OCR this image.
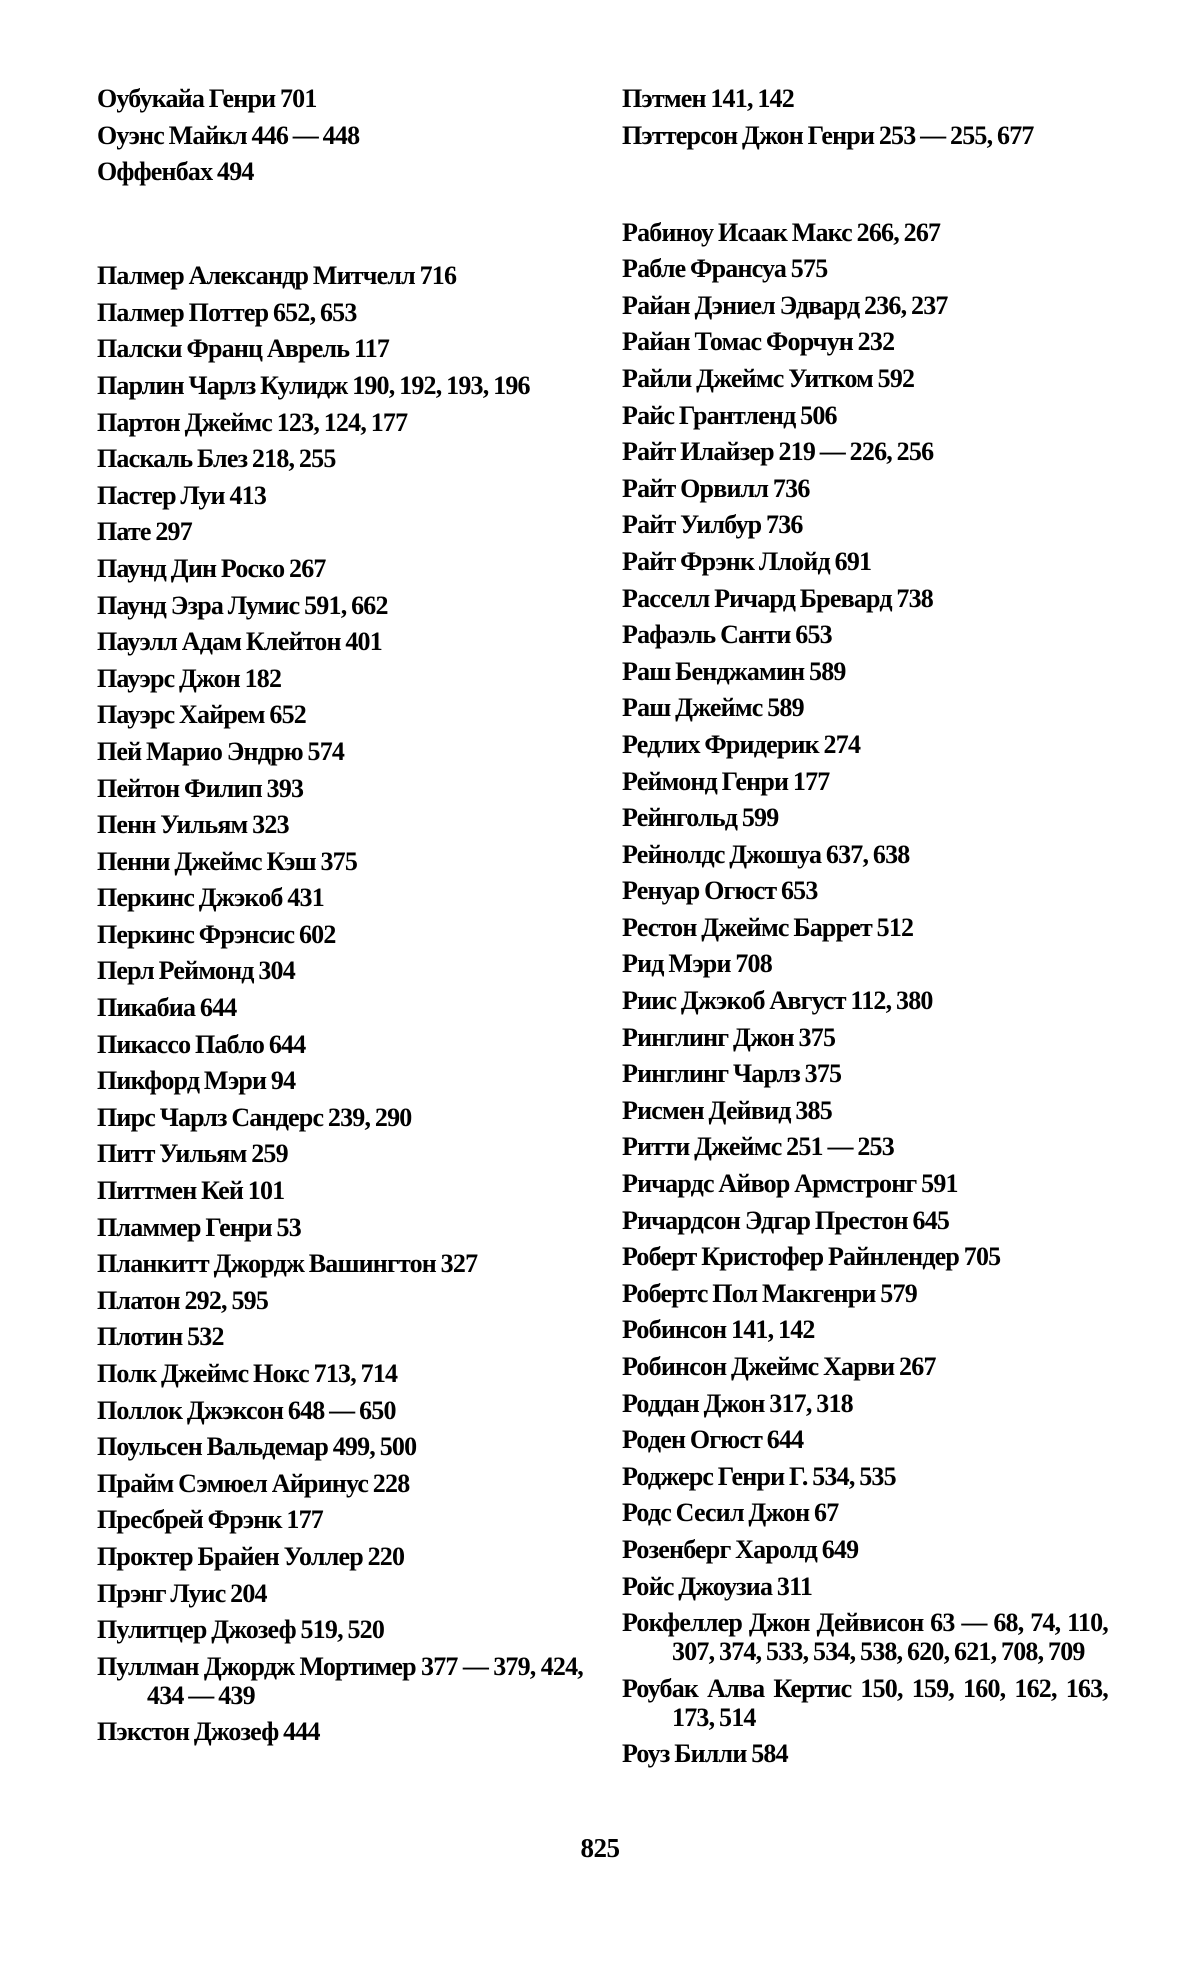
Оубукайа Генри 701
Оуэнс Майкл 446 — 448
Оффенбах 494
Палмер Александр Митчелл 716
Палмер Поттер 652, 653
Палски Франц Аврель 117
Парлин Чарлз Кулидж 190, 192, 193, 196
Партон Джеймс 123, 124, 177
Паскаль Блез 218, 255
Пастер Луи 413
Пате 297
Паунд Дин Роско 267
Паунд Эзра Лумис 591, 662
Пауэлл Адам Клейтон 401
Пауэрс Джон 182
Пауэрс Хайрем 652
Пей Марио Эндрю 574
Пейтон Филип 393
Пенн Уильям 323
Пенни Джеймс Кэш 375
Перкинс Джэкоб 431
Перкинс Фрэнсис 602
Перл Реймонд 304
Пикабиа 644
Пикассо Пабло 644
Пикфорд Мэри 94
Пирс Чарлз Сандерс 239, 290
Питт Уильям 259
Питтмен Кей 101
Пламмер Генри 53
Планкитт Джордж Вашингтон 327
Платон 292, 595
Плотин 532
Полк Джеймс Нокс 713, 714
Поллок Джэксон 648 — 650
Поульсен Вальдемар 499, 500
Прайм Сэмюел Айринус 228
Пресбрей Фрэнк 177
Проктер Брайен Уоллер 220
Прэнг Луис 204
Пулитцер Джозеф 519, 520
Пуллман Джордж Мортимер 377 — 379, 424, 434 — 439
Пэкстон Джозеф 444
Пэтмен 141, 142
Пэттерсон Джон Генри 253 — 255, 677
Рабиноу Исаак Макс 266, 267
Рабле Франсуа 575
Райан Дэниел Эдвард 236, 237
Райан Томас Форчун 232
Райли Джеймс Уитком 592
Райс Грантленд 506
Райт Илайзер 219 — 226, 256
Райт Орвилл 736
Райт Уилбур 736
Райт Фрэнк Ллойд 691
Расселл Ричард Бревард 738
Рафаэль Санти 653
Раш Бенджамин 589
Раш Джеймс 589
Редлих Фридерик 274
Реймонд Генри 177
Рейнгольд 599
Рейнолдс Джошуа 637, 638
Ренуар Огюст 653
Рестон Джеймс Баррет 512
Рид Мэри 708
Риис Джэкоб Август 112, 380
Ринглинг Джон 375
Ринглинг Чарлз 375
Рисмен Дейвид 385
Ритти Джеймс 251 — 253
Ричардс Айвор Армстронг 591
Ричардсон Эдгар Престон 645
Роберт Кристофер Райнлендер 705
Робертс Пол Макгенри 579
Робинсон 141, 142
Робинсон Джеймс Харви 267
Роддан Джон 317, 318
Роден Огюст 644
Роджерс Генри Г. 534, 535
Родс Сесил Джон 67
Розенберг Харолд 649
Ройс Джоузиа 311
Рокфеллер Джон Дейвисон 63 — 68, 74, 110, 307, 374, 533, 534, 538, 620, 621, 708, 709
Роубак Алва Кертис 150, 159, 160, 162, 163, 173, 514
Роуз Билли 584
825
